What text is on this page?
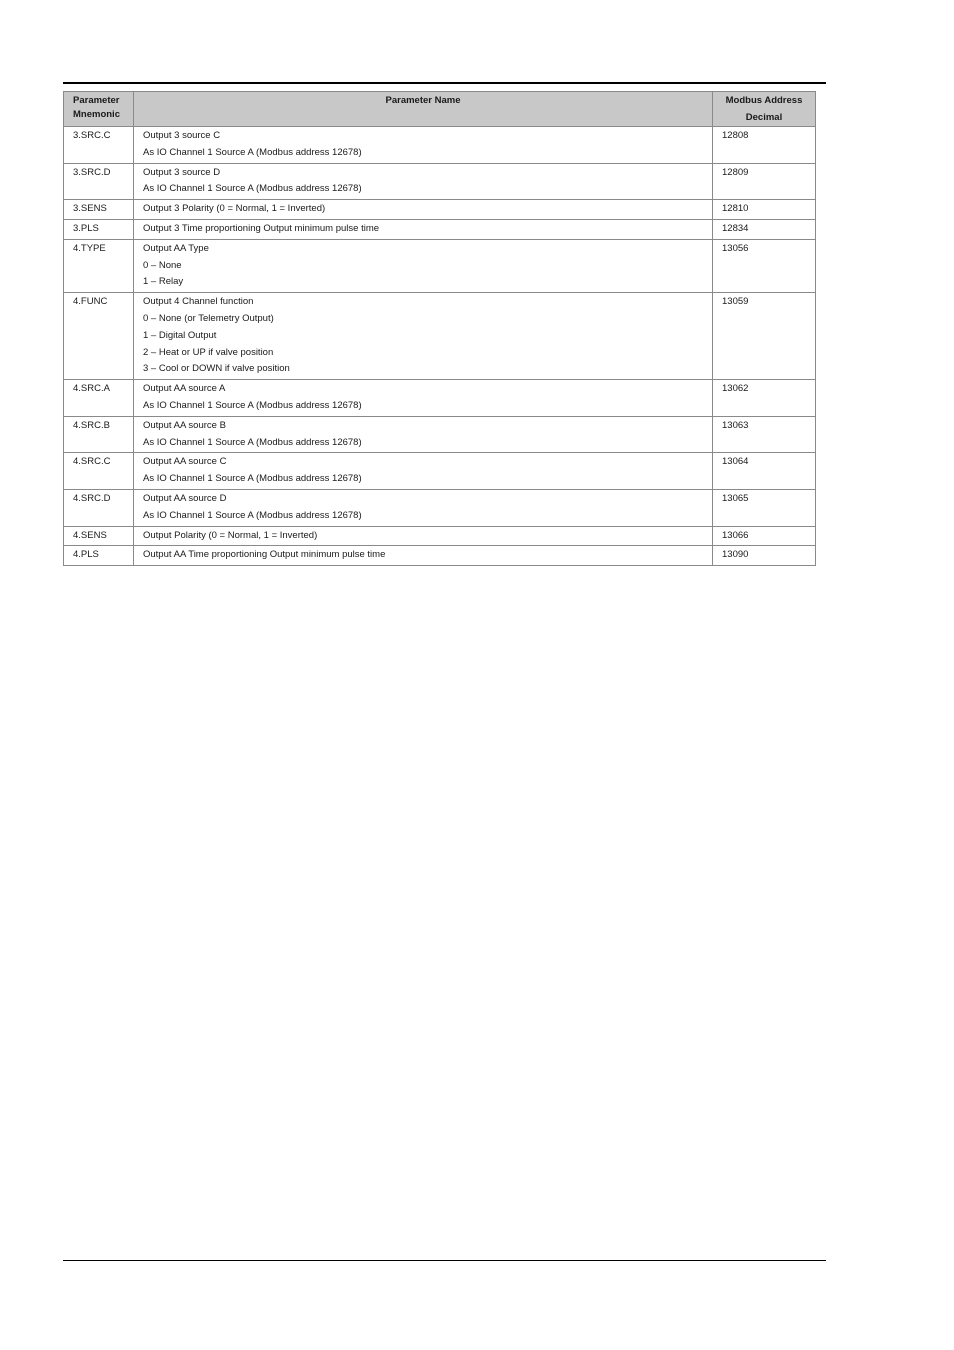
Parameter
Mnemonic	Parameter Name	Modbus Address
Decimal

3.SRC.C	Output 3 source C
As IO Channel 1 Source A (Modbus address 12678)	12808
3.SRC.D	Output 3 source D
As IO Channel 1 Source A (Modbus address 12678)	12809
3.SENS	Output 3 Polarity (0 = Normal, 1 = Inverted)	12810
3.PLS	Output 3 Time proportioning Output minimum pulse time	12834
4.TYPE	Output AA Type
0 – None
1 – Relay	13056
4.FUNC	Output 4 Channel function
0 – None (or Telemetry Output)
1 – Digital Output
2 – Heat or UP if valve position
3 – Cool or DOWN if valve position	13059
4.SRC.A	Output AA source A
As IO Channel 1 Source A (Modbus address 12678)	13062
4.SRC.B	Output AA source B
As IO Channel 1 Source A (Modbus address 12678)	13063
4.SRC.C	Output AA source C
As IO Channel 1 Source A (Modbus address 12678)	13064
4.SRC.D	Output AA source D
As IO Channel 1 Source A (Modbus address 12678)	13065
4.SENS	Output Polarity (0 = Normal, 1 = Inverted)	13066
4.PLS	Output AA Time proportioning Output minimum pulse time	13090
